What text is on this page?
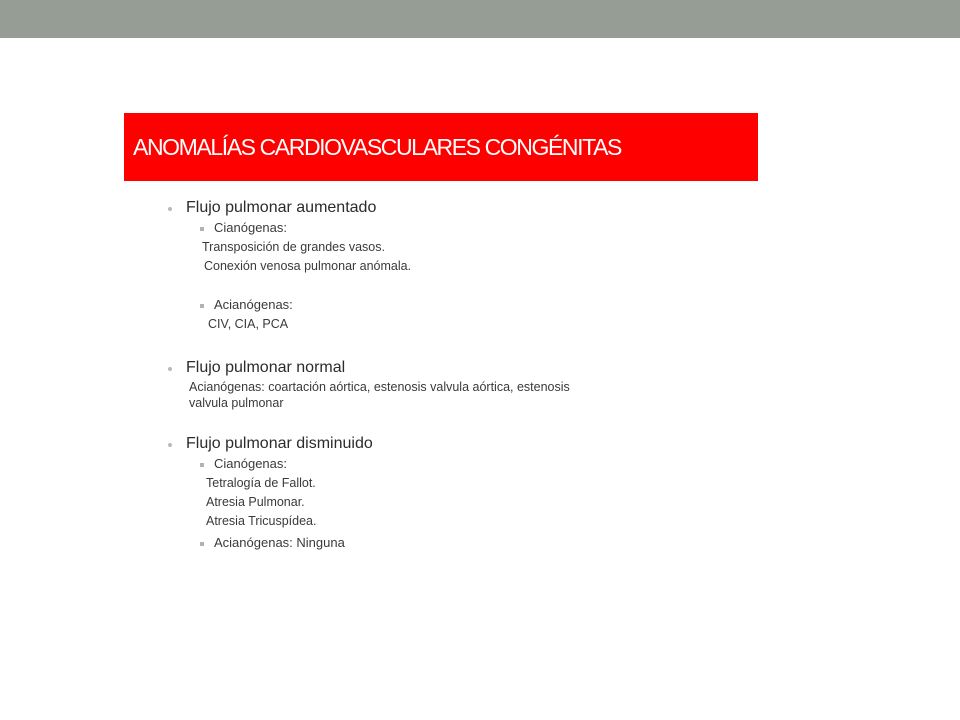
ANOMALÍAS CARDIOVASCULARES CONGÉNITAS
Flujo pulmonar aumentado
Cianógenas:
Transposición de grandes vasos.
Conexión venosa pulmonar anómala.
Acianógenas:
CIV, CIA, PCA
Flujo pulmonar normal
Acianógenas: coartación aórtica, estenosis valvula aórtica, estenosis
valvula pulmonar
Flujo pulmonar disminuido
Cianógenas:
Tetralogía de Fallot.
Atresia Pulmonar.
Atresia Tricuspídea.
Acianógenas: Ninguna
